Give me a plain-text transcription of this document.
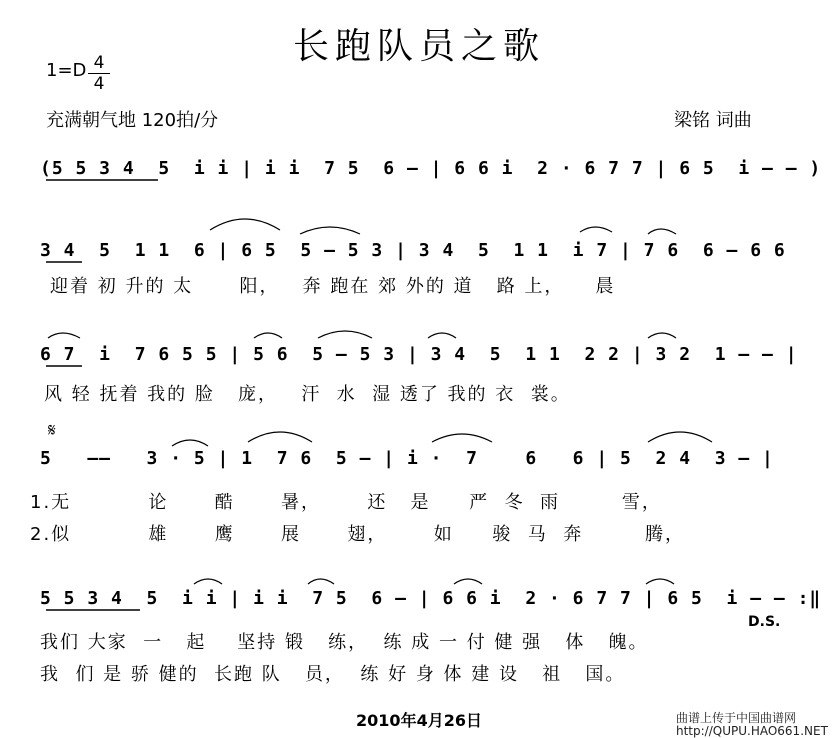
长跑队员之歌
1=D 4
4
充满朝气地 120拍/分	梁铭 词曲
(5 5 3 4  5  i i | i i  7 5  6 — | 6 6 i  2 · 6 7 7 | 6 5  i — — )
3 4  5  1 1  6 | 6 5  5 — 5 3 | 3 4  5  1 1  i 7 | 7 6  6 — 6 6
迎着 初 升的 太      阳，   奔 跑在 郊 外的 道   路 上，    晨
6 7  i  7 6 5 5 | 5 6  5 — 5 3 | 3 4  5  1 1  2 2 | 3 2  1 — — |
风 轻 抚着 我的 脸   庞，   汗  水  湿 透了 我的 衣  裳。
𝄋
5   ——   3 · 5 | 1  7 6  5 — | i ·  7    6   6 | 5  2 4  3 — |
1.无          论      酷      暑，      还   是     严  冬  雨        雪，
2.似          雄      鹰      展      翅，      如     骏  马  奔        腾，
5 5 3 4  5  i i | i i  7 5  6 — | 6 6 i  2 · 6 7 7 | 6 5  i — — :‖
我们 大家  一   起    坚持 锻   练，  练 成 一 付 健 强   体   魄。
我  们 是 骄 健的  长跑 队   员，  练 好 身 体 建 设   祖   国。
D.S.
2010年4月26日	曲谱上传于中国曲谱网
http://QUPU.HAO661.NET
